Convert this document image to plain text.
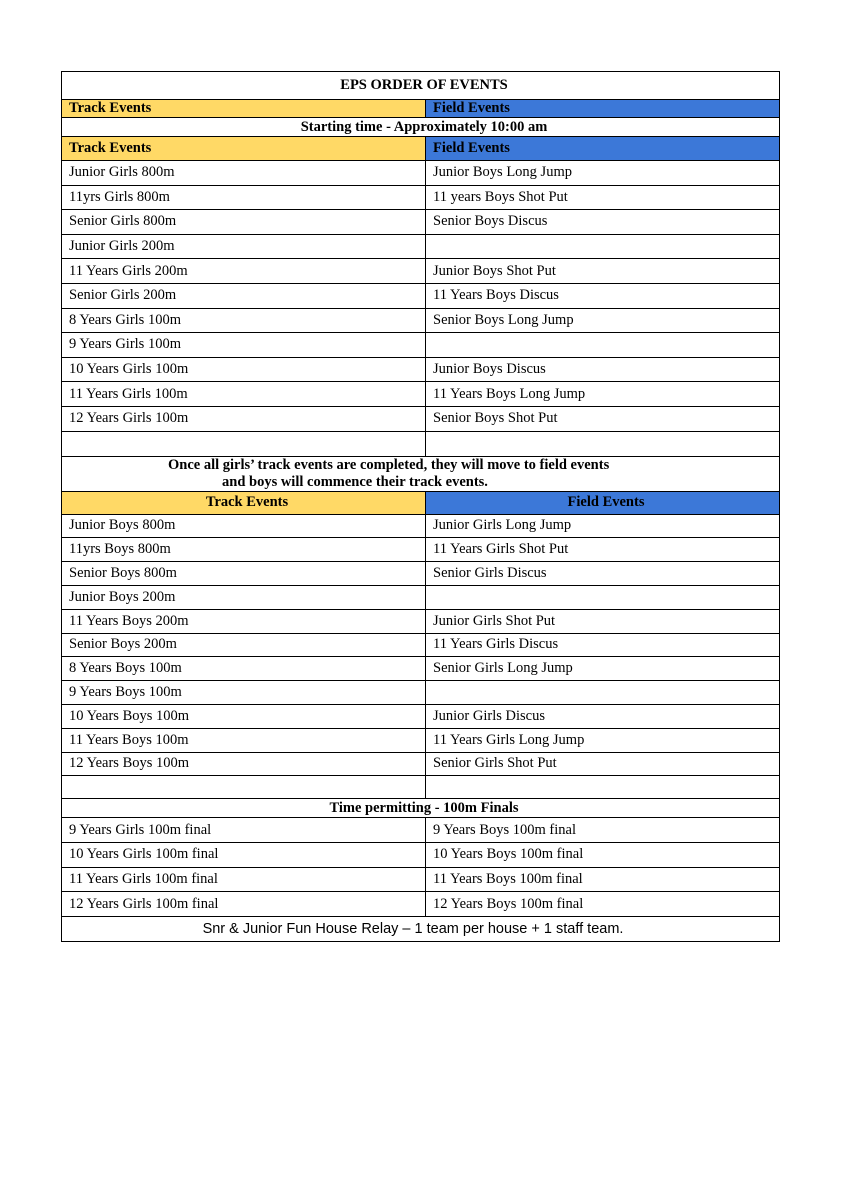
EPS ORDER OF EVENTS	
Track Events	Field Events
Starting time - Approximately 10:00 am	
Track Events	Field Events
Junior Girls 800m	Junior Boys Long Jump
11yrs Girls 800m	11 years Boys Shot Put
Senior Girls 800m	Senior Boys Discus
Junior Girls 200m	
11 Years Girls 200m	Junior Boys Shot Put
Senior Girls 200m	11 Years Boys Discus
8 Years Girls 100m	Senior Boys Long Jump
9 Years Girls 100m	
10 Years Girls 100m	Junior Boys Discus
11 Years Girls 100m	11 Years Boys Long Jump
12 Years Girls 100m	Senior Boys Shot Put

Once all girls’ track events are completed, they will move to field events
and boys will commence their track events.	

Track Events	Field Events
Junior Boys 800m	Junior Girls Long Jump
11yrs Boys 800m	11 Years Girls Shot Put
Senior Boys 800m	Senior Girls Discus
Junior Boys 200m	
11 Years Boys 200m	Junior Girls Shot Put
Senior Boys 200m	11 Years Girls Discus
8 Years Boys 100m	Senior Girls Long Jump
9 Years Boys 100m	
10 Years Boys 100m	Junior Girls Discus
11 Years Boys 100m	11 Years Girls Long Jump
12 Years Boys 100m	Senior Girls Shot Put

Time permitting - 100m Finals	
9 Years Girls 100m final	9 Years Boys 100m final
10 Years Girls 100m final	10 Years Boys 100m final
11 Years Girls 100m final	11 Years Boys 100m final
12 Years Girls 100m final	12 Years Boys 100m final
Snr & Junior Fun House Relay – 1 team per house + 1 staff team.	
